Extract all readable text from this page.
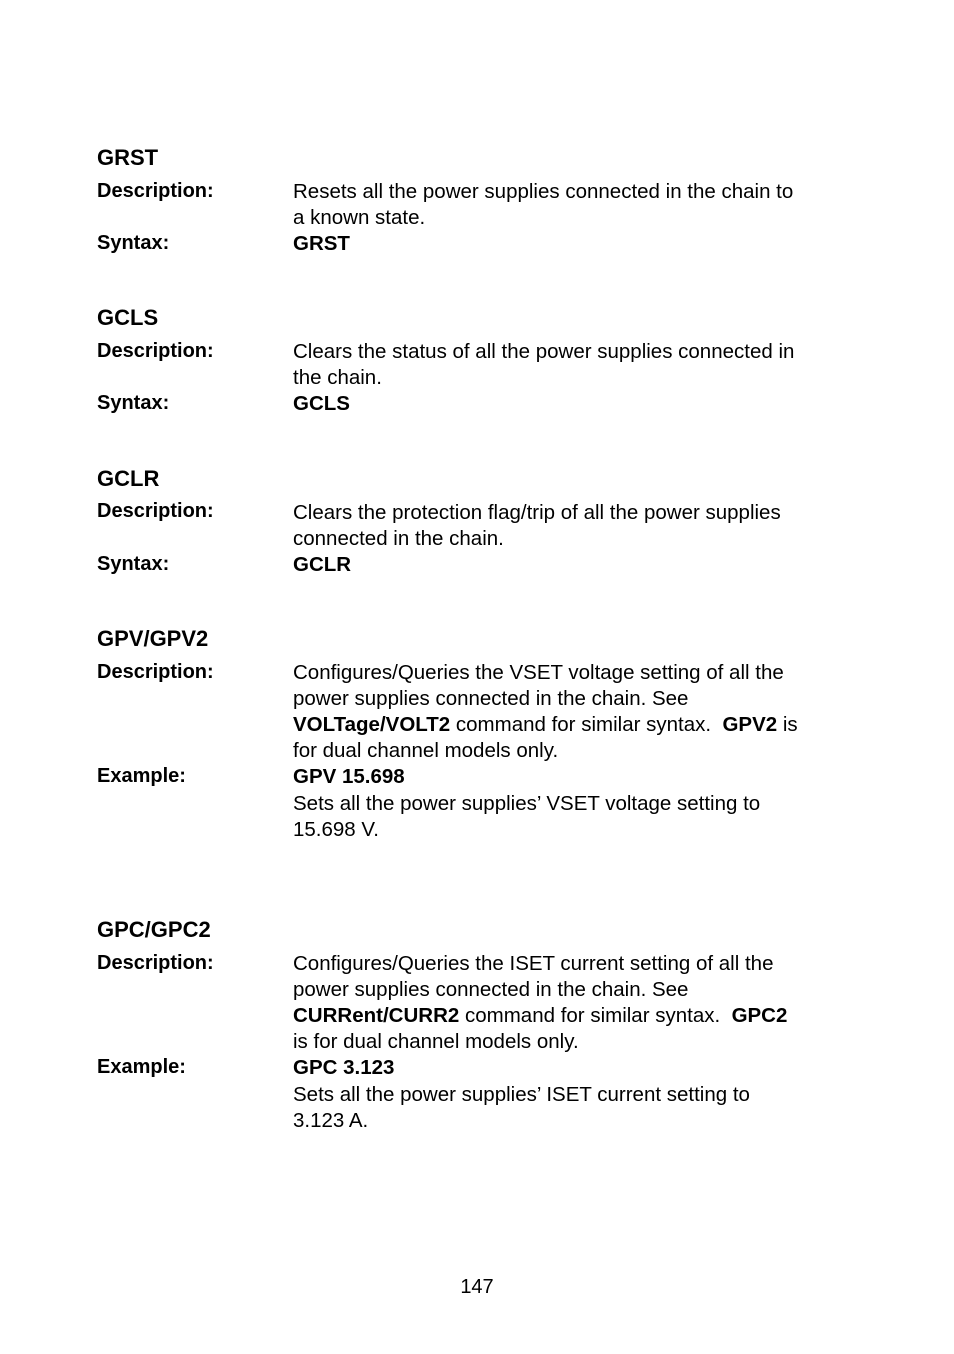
GRST
Description:	Resets all the power supplies connected in the chain to
a known state.
Syntax:	GRST
GCLS
Description:	Clears the status of all the power supplies connected in
the chain.
Syntax:	GCLS
GCLR
Description:	Clears the protection flag/trip of all the power supplies
connected in the chain.
Syntax:	GCLR
GPV/GPV2
Description:	Configures/Queries the VSET voltage setting of all the
power supplies connected in the chain. See
VOLTage/VOLT2 command for similar syntax.  GPV2 is
for dual channel models only.
Example:	GPV 15.698
Sets all the power supplies’ VSET voltage setting to
15.698 V.
GPC/GPC2
Description:	Configures/Queries the ISET current setting of all the
power supplies connected in the chain. See
CURRent/CURR2 command for similar syntax.  GPC2
is for dual channel models only.
Example:	GPC 3.123
Sets all the power supplies’ ISET current setting to
3.123 A.
147
